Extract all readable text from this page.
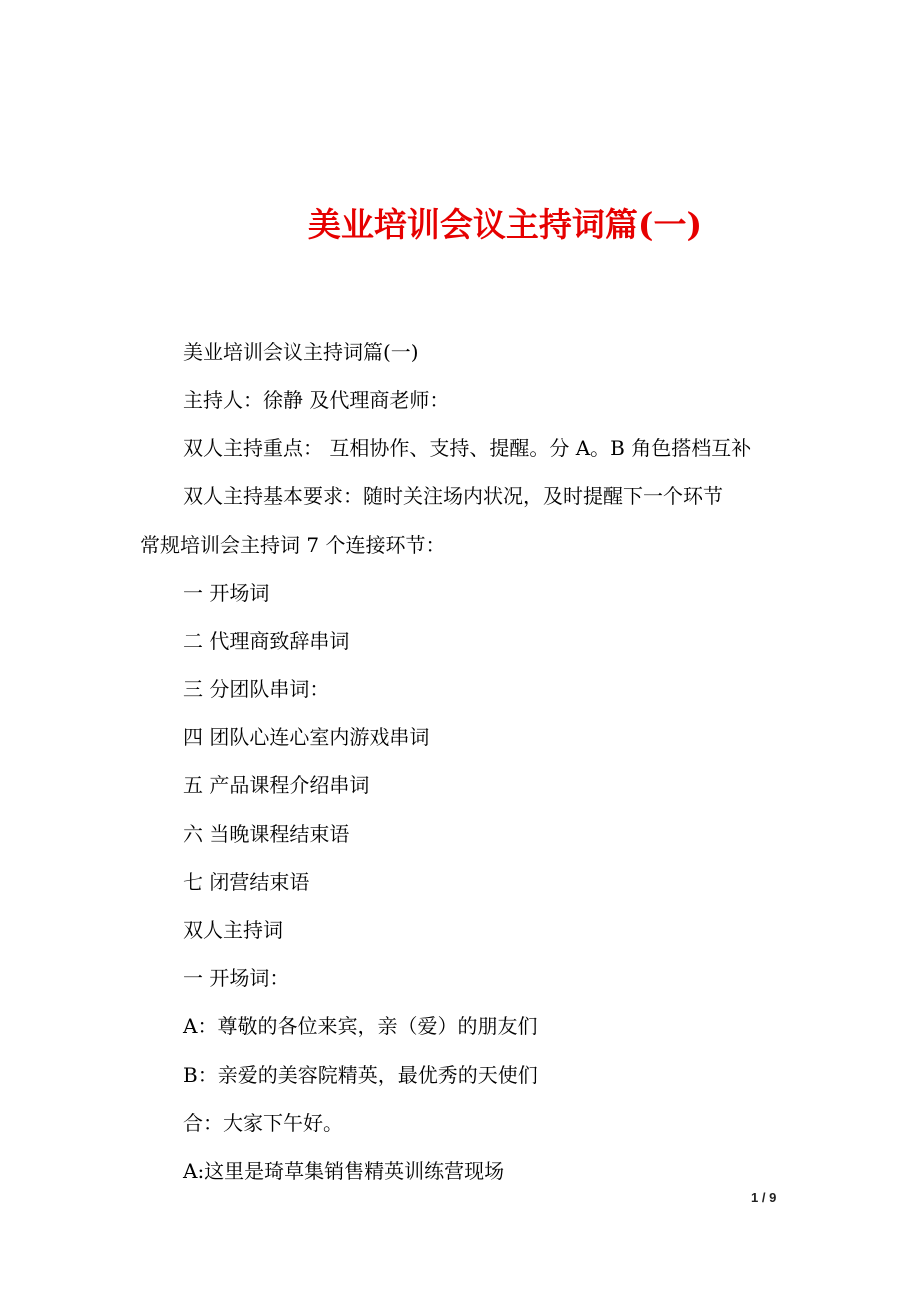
美业培训会议主持词篇(一)
美业培训会议主持词篇(一)
主持人：徐静 及代理商老师：
双人主持重点： 互相协作、支持、提醒。分 A。B 角色搭档互补
双人主持基本要求：随时关注场内状况，及时提醒下一个环节
常规培训会主持词 7 个连接环节：
一 开场词
二 代理商致辞串词
三 分团队串词：
四 团队心连心室内游戏串词
五 产品课程介绍串词
六 当晚课程结束语
七 闭营结束语
双人主持词
一 开场词：
A：尊敬的各位来宾，亲（爱）的朋友们
B：亲爱的美容院精英，最优秀的天使们
合：大家下午好。
A:这里是琦草集销售精英训练营现场
1 / 9
